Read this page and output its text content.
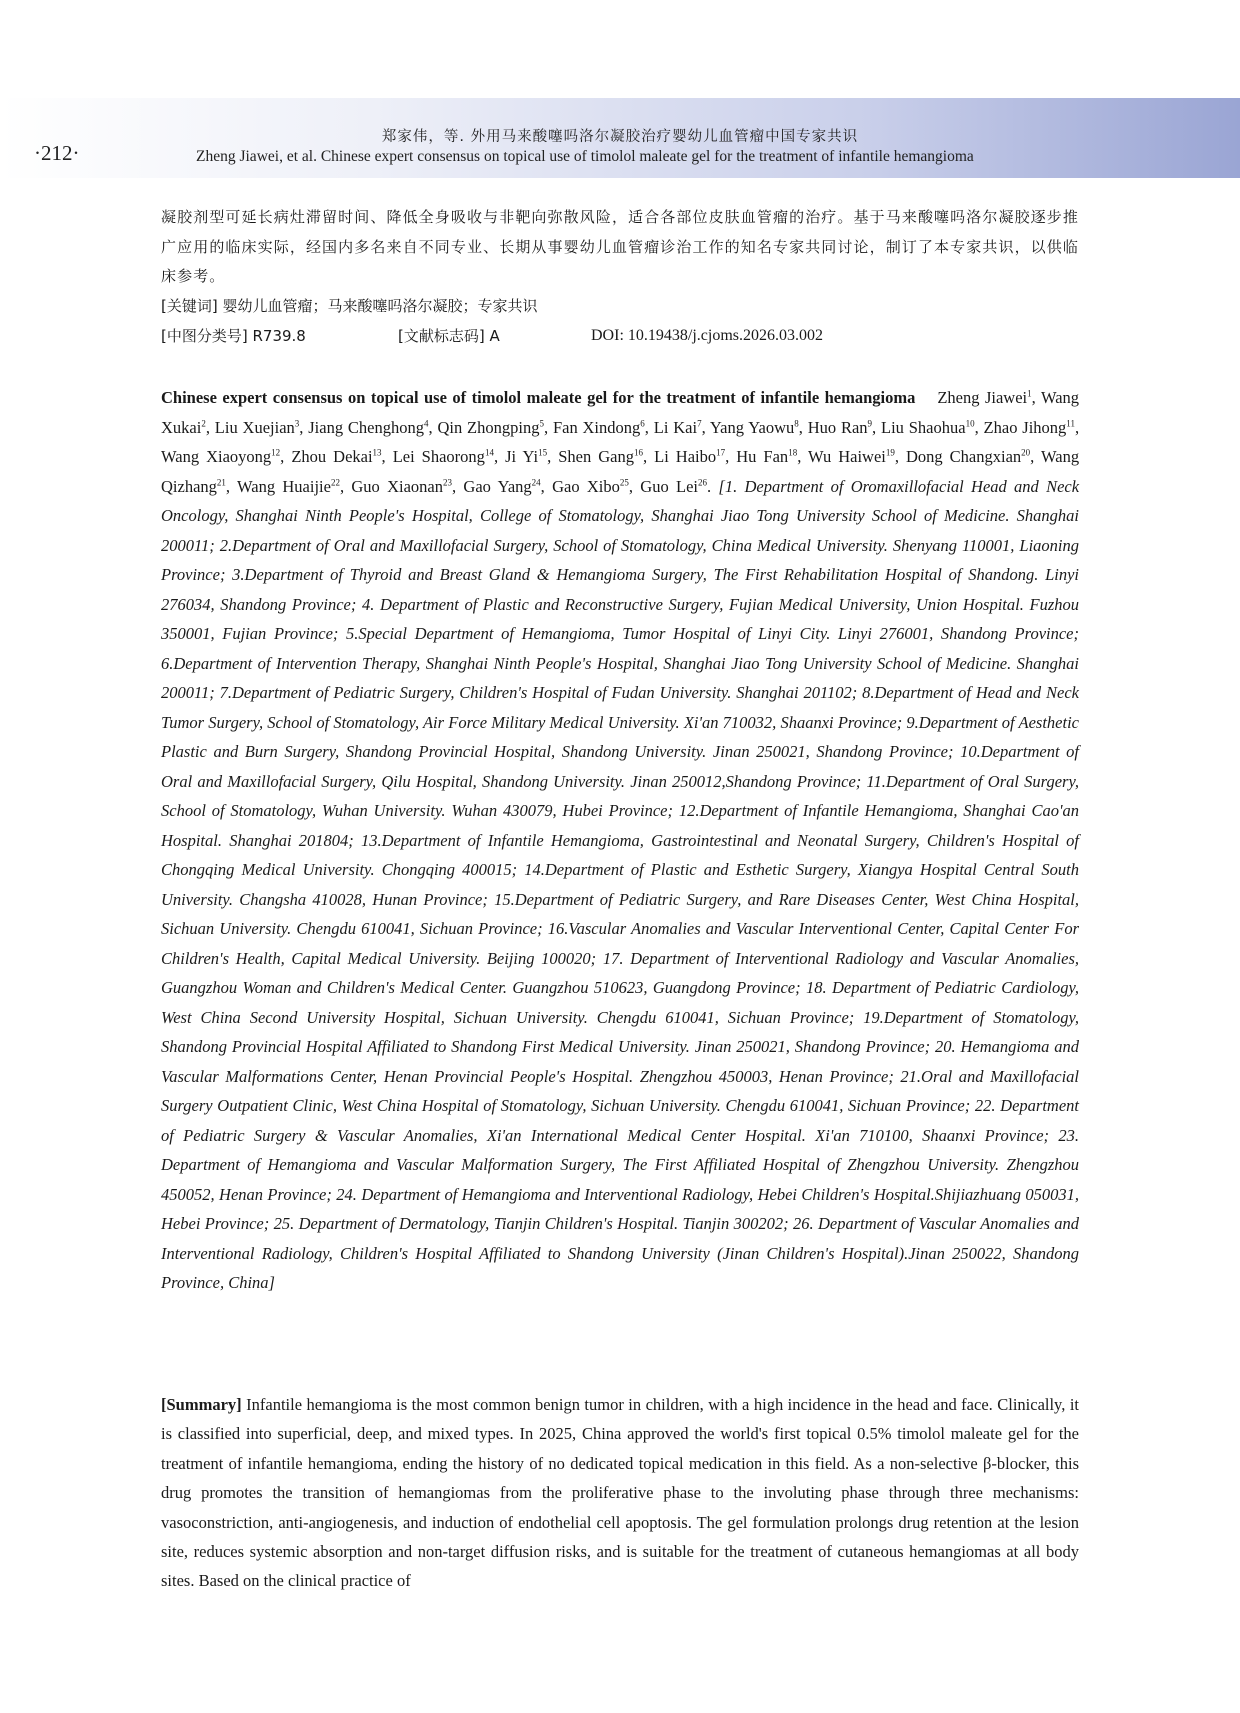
·212·
郑家伟，等. 外用马来酸噻吗洛尔凝胶治疗婴幼儿血管瘤中国专家共识
Zheng Jiawei, et al. Chinese expert consensus on topical use of timolol maleate gel for the treatment of infantile hemangioma

凝胶剂型可延长病灶滞留时间、降低全身吸收与非靶向弥散风险，适合各部位皮肤血管瘤的治疗。基于马来酸噻吗洛尔凝胶逐步推广应用的临床实际，经国内多名来自不同专业、长期从事婴幼儿血管瘤诊治工作的知名专家共同讨论，制订了本专家共识，以供临床参考。

[关键词] 婴幼儿血管瘤；马来酸噻吗洛尔凝胶；专家共识

[中图分类号] R739.8	[文献标志码] A	DOI: 10.19438/j.cjoms.2026.03.002

Chinese expert consensus on topical use of timolol maleate gel for the treatment of infantile hemangioma Zheng Jiawei$^1$, Wang Xukai$^2$, Liu Xuejian$^3$, Jiang Chenghong$^4$, Qin Zhongping$^5$, Fan Xindong$^6$, Li Kai$^7$, Yang Yaowu$^8$, Huo Ran$^9$, Liu Shaohua$^{10}$, Zhao Jihong$^{11}$, Wang Xiaoyong$^{12}$, Zhou Dekai$^{13}$, Lei Shaorong$^{14}$, Ji Yi$^{15}$, Shen Gang$^{16}$, Li Haibo$^{17}$, Hu Fan$^{18}$, Wu Haiwei$^{19}$, Dong Changxian$^{20}$, Wang Qizhang$^{21}$, Wang Huaijie$^{22}$, Guo Xiaonan$^{23}$, Gao Yang$^{24}$, Gao Xibo$^{25}$, Guo Lei$^{26}$. [1. Department of Oromaxillofacial Head and Neck Oncology, Shanghai Ninth People's Hospital, College of Stomatology, Shanghai Jiao Tong University School of Medicine. Shanghai 200011; 2.Department of Oral and Maxillofacial Surgery, School of Stomatology, China Medical University. Shenyang 110001, Liaoning Province; 3.Department of Thyroid and Breast Gland & Hemangioma Surgery, The First Rehabilitation Hospital of Shandong. Linyi 276034, Shandong Province; 4. Department of Plastic and Reconstructive Surgery, Fujian Medical University, Union Hospital. Fuzhou 350001, Fujian Province; 5.Special Department of Hemangioma, Tumor Hospital of Linyi City. Linyi 276001, Shandong Province; 6.Department of Intervention Therapy, Shanghai Ninth People's Hospital, Shanghai Jiao Tong University School of Medicine. Shanghai 200011; 7.Department of Pediatric Surgery, Children's Hospital of Fudan University. Shanghai 201102; 8.Department of Head and Neck Tumor Surgery, School of Stomatology, Air Force Military Medical University. Xi'an 710032, Shaanxi Province; 9.Department of Aesthetic Plastic and Burn Surgery, Shandong Provincial Hospital, Shandong University. Jinan 250021, Shandong Province; 10.Department of Oral and Maxillofacial Surgery, Qilu Hospital, Shandong University. Jinan 250012,Shandong Province; 11.Department of Oral Surgery, School of Stomatology, Wuhan University. Wuhan 430079, Hubei Province; 12.Department of Infantile Hemangioma, Shanghai Cao'an Hospital. Shanghai 201804; 13.Department of Infantile Hemangioma, Gastrointestinal and Neonatal Surgery, Children's Hospital of Chongqing Medical University. Chongqing 400015; 14.Department of Plastic and Esthetic Surgery, Xiangya Hospital Central South University. Changsha 410028, Hunan Province; 15.Department of Pediatric Surgery, and Rare Diseases Center, West China Hospital, Sichuan University. Chengdu 610041, Sichuan Province; 16.Vascular Anomalies and Vascular Interventional Center, Capital Center For Children's Health, Capital Medical University. Beijing 100020; 17. Department of Interventional Radiology and Vascular Anomalies, Guangzhou Woman and Children's Medical Center. Guangzhou 510623, Guangdong Province; 18. Department of Pediatric Cardiology, West China Second University Hospital, Sichuan University. Chengdu 610041, Sichuan Province; 19.Department of Stomatology, Shandong Provincial Hospital Affiliated to Shandong First Medical University. Jinan 250021, Shandong Province; 20. Hemangioma and Vascular Malformations Center, Henan Provincial People's Hospital. Zhengzhou 450003, Henan Province; 21.Oral and Maxillofacial Surgery Outpatient Clinic, West China Hospital of Stomatology, Sichuan University. Chengdu 610041, Sichuan Province; 22. Department of Pediatric Surgery & Vascular Anomalies, Xi'an International Medical Center Hospital. Xi'an 710100, Shaanxi Province; 23. Department of Hemangioma and Vascular Malformation Surgery, The First Affiliated Hospital of Zhengzhou University. Zhengzhou 450052, Henan Province; 24. Department of Hemangioma and Interventional Radiology, Hebei Children's Hospital.Shijiazhuang 050031, Hebei Province; 25. Department of Dermatology, Tianjin Children's Hospital. Tianjin 300202; 26. Department of Vascular Anomalies and Interventional Radiology, Children's Hospital Affiliated to Shandong University (Jinan Children's Hospital).Jinan 250022, Shandong Province, China]

[Summary] Infantile hemangioma is the most common benign tumor in children, with a high incidence in the head and face. Clinically, it is classified into superficial, deep, and mixed types. In 2025, China approved the world's first topical 0.5% timolol maleate gel for the treatment of infantile hemangioma, ending the history of no dedicated topical medication in this field. As a non-selective β-blocker, this drug promotes the transition of hemangiomas from the proliferative phase to the involuting phase through three mechanisms: vasoconstriction, anti-angiogenesis, and induction of endothelial cell apoptosis. The gel formulation prolongs drug retention at the lesion site, reduces systemic absorption and non-target diffusion risks, and is suitable for the treatment of cutaneous hemangiomas at all body sites. Based on the clinical practice of
